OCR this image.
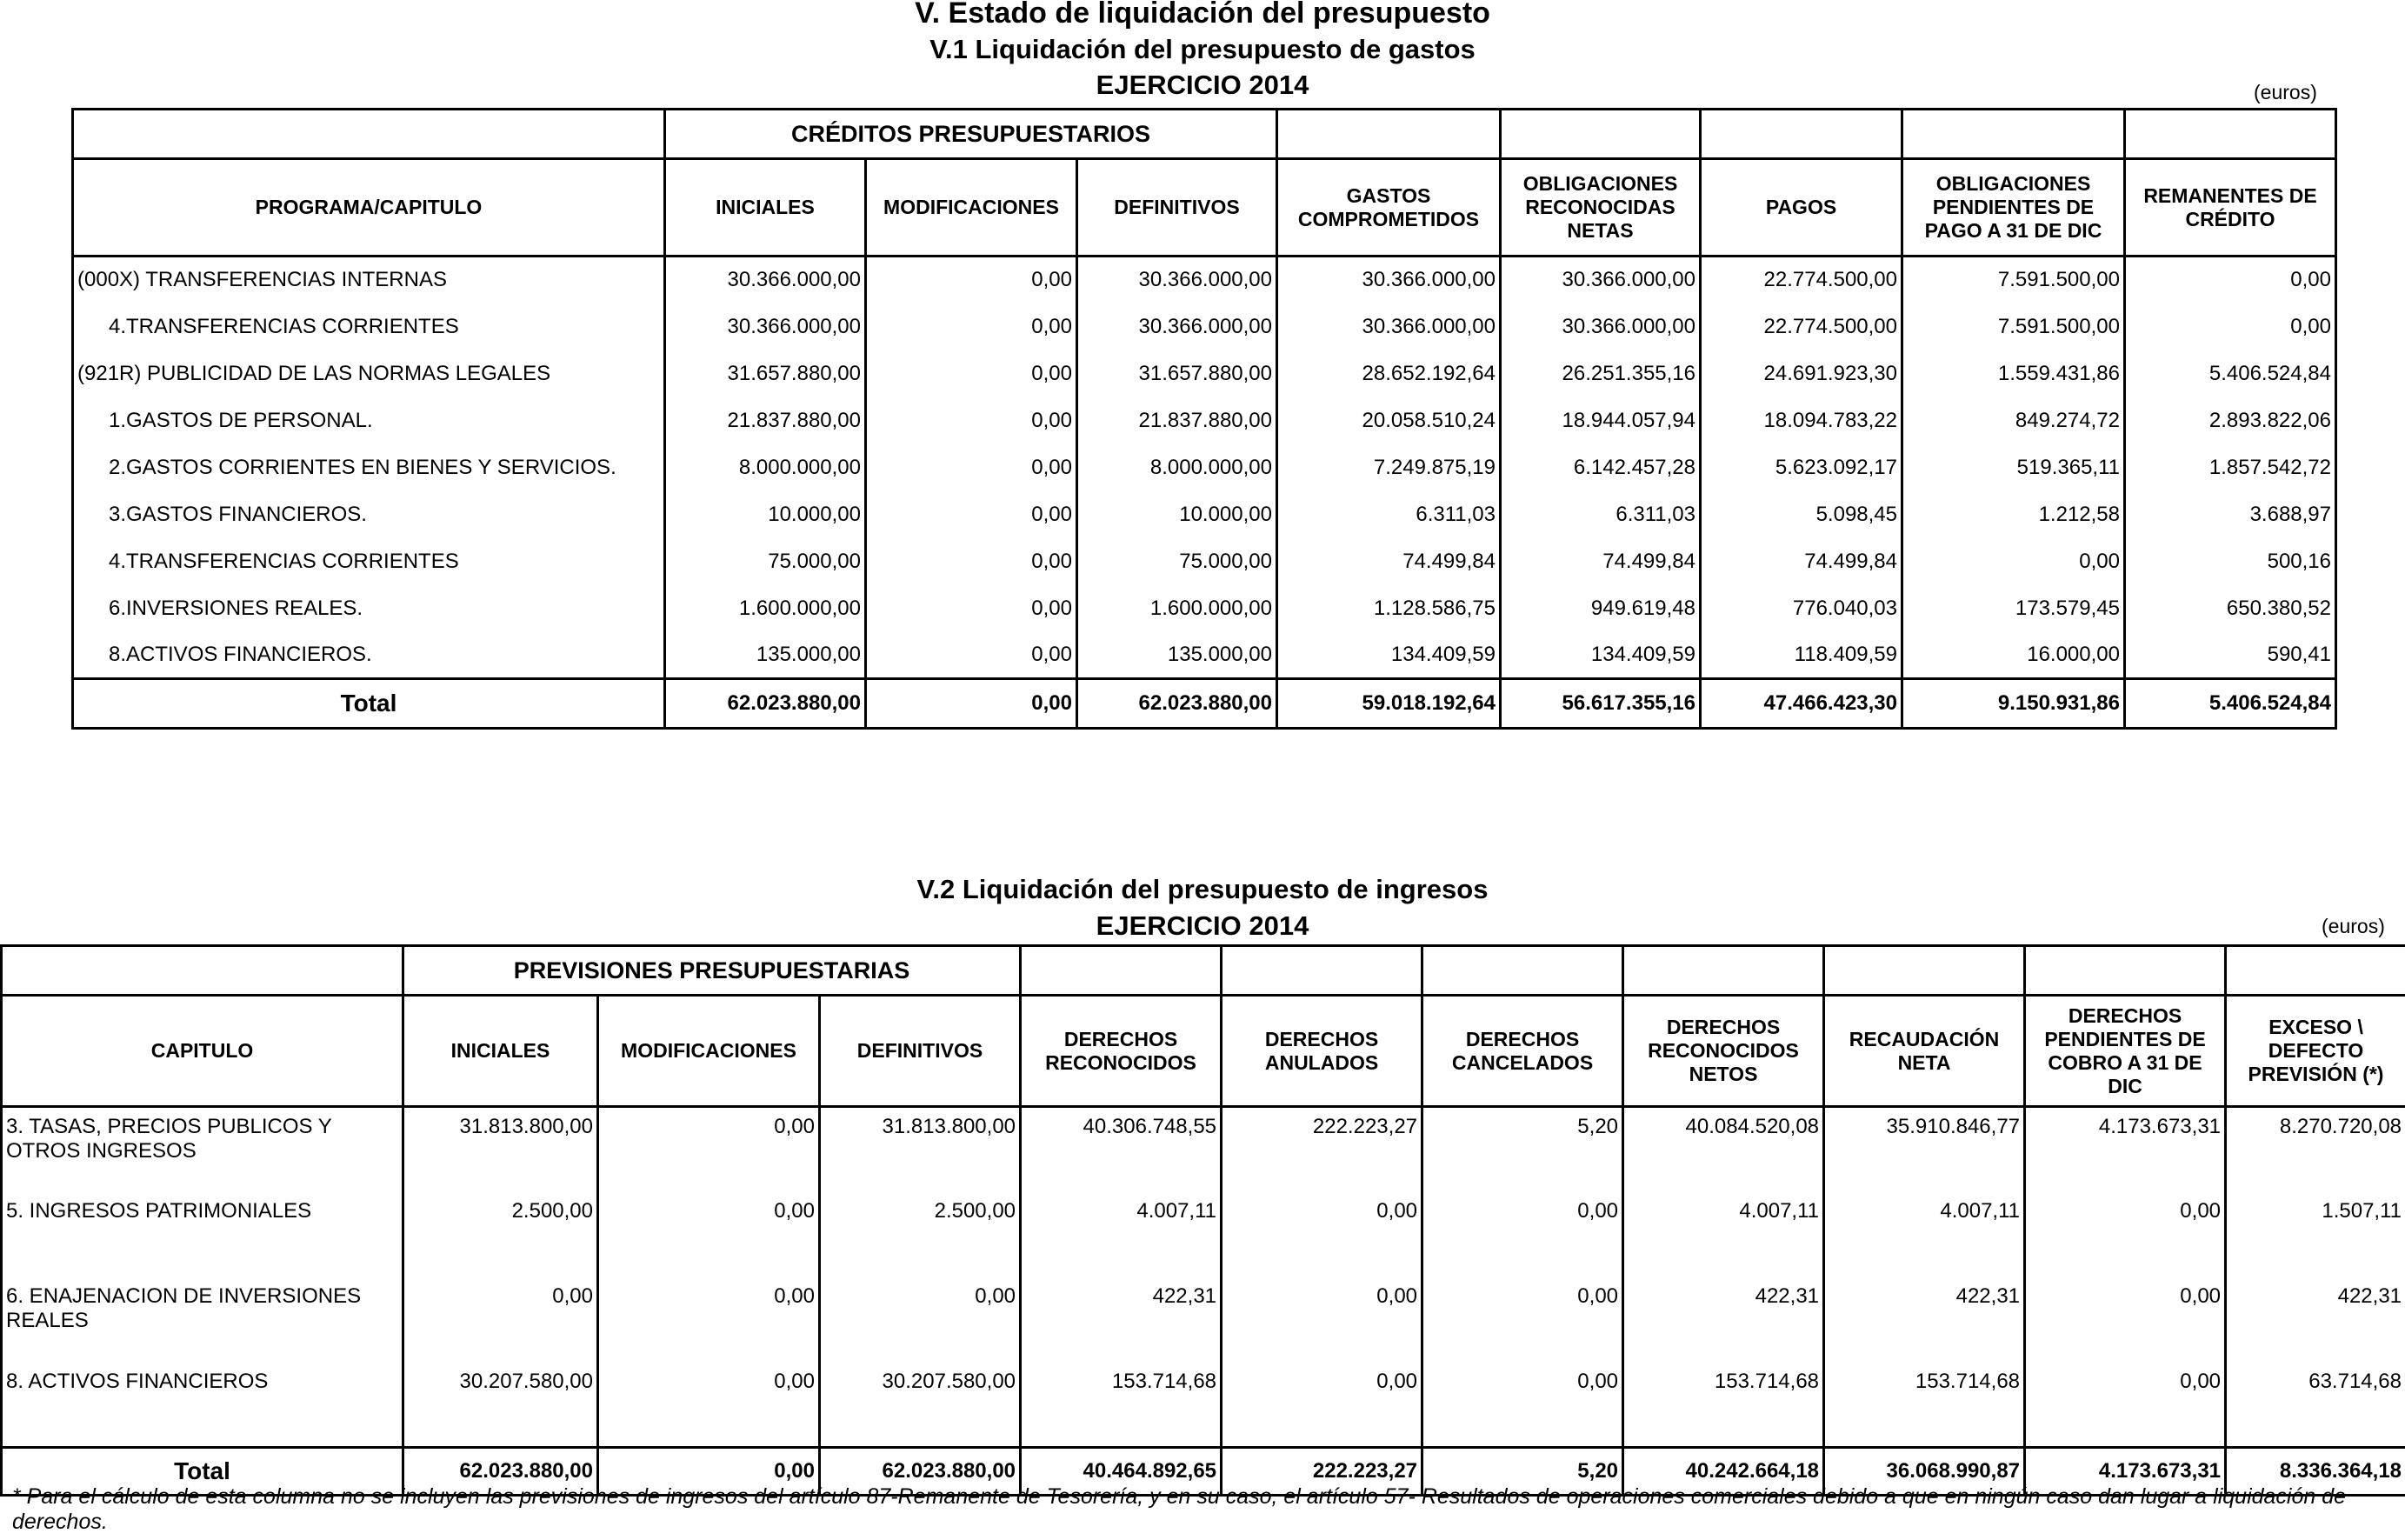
V. Estado de liquidación del presupuesto
V.1 Liquidación del presupuesto de gastos
EJERCICIO 2014	(euros)
	CRÉDITOS PRESUPUESTARIOS							
PROGRAMA/CAPITULO	INICIALES	MODIFICACIONES	DEFINITIVOS	GASTOS COMPROMETIDOS	OBLIGACIONES RECONOCIDAS NETAS	PAGOS	OBLIGACIONES PENDIENTES DE PAGO A 31 DE DIC	REMANENTES DE CRÉDITO
(000X) TRANSFERENCIAS INTERNAS	30.366.000,00	0,00	30.366.000,00	30.366.000,00	30.366.000,00	22.774.500,00	7.591.500,00	0,00
4.TRANSFERENCIAS CORRIENTES	30.366.000,00	0,00	30.366.000,00	30.366.000,00	30.366.000,00	22.774.500,00	7.591.500,00	0,00
(921R) PUBLICIDAD DE LAS NORMAS LEGALES	31.657.880,00	0,00	31.657.880,00	28.652.192,64	26.251.355,16	24.691.923,30	1.559.431,86	5.406.524,84
1.GASTOS DE PERSONAL.	21.837.880,00	0,00	21.837.880,00	20.058.510,24	18.944.057,94	18.094.783,22	849.274,72	2.893.822,06
2.GASTOS CORRIENTES EN BIENES Y SERVICIOS.	8.000.000,00	0,00	8.000.000,00	7.249.875,19	6.142.457,28	5.623.092,17	519.365,11	1.857.542,72
3.GASTOS FINANCIEROS.	10.000,00	0,00	10.000,00	6.311,03	6.311,03	5.098,45	1.212,58	3.688,97
4.TRANSFERENCIAS CORRIENTES	75.000,00	0,00	75.000,00	74.499,84	74.499,84	74.499,84	0,00	500,16
6.INVERSIONES REALES.	1.600.000,00	0,00	1.600.000,00	1.128.586,75	949.619,48	776.040,03	173.579,45	650.380,52
8.ACTIVOS FINANCIEROS.	135.000,00	0,00	135.000,00	134.409,59	134.409,59	118.409,59	16.000,00	590,41
Total	62.023.880,00	0,00	62.023.880,00	59.018.192,64	56.617.355,16	47.466.423,30	9.150.931,86	5.406.524,84
V.2 Liquidación del presupuesto de ingresos
EJERCICIO 2014	(euros)
	PREVISIONES PRESUPUESTARIAS									
CAPITULO	INICIALES	MODIFICACIONES	DEFINITIVOS	DERECHOS RECONOCIDOS	DERECHOS ANULADOS	DERECHOS CANCELADOS	DERECHOS RECONOCIDOS NETOS	RECAUDACIÓN NETA	DERECHOS PENDIENTES DE COBRO A 31 DE DIC	EXCESO \ DEFECTO PREVISIÓN (*)
3. TASAS, PRECIOS PUBLICOS Y OTROS INGRESOS	31.813.800,00	0,00	31.813.800,00	40.306.748,55	222.223,27	5,20	40.084.520,08	35.910.846,77	4.173.673,31	8.270.720,08
5. INGRESOS PATRIMONIALES	2.500,00	0,00	2.500,00	4.007,11	0,00	0,00	4.007,11	4.007,11	0,00	1.507,11
6. ENAJENACION DE INVERSIONES REALES	0,00	0,00	0,00	422,31	0,00	0,00	422,31	422,31	0,00	422,31
8. ACTIVOS FINANCIEROS	30.207.580,00	0,00	30.207.580,00	153.714,68	0,00	0,00	153.714,68	153.714,68	0,00	63.714,68
Total	62.023.880,00	0,00	62.023.880,00	40.464.892,65	222.223,27	5,20	40.242.664,18	36.068.990,87	4.173.673,31	8.336.364,18
* Para el cálculo de esta columna no se incluyen las previsiones de ingresos del artículo 87-Remanente de Tesorería, y en su caso, el artículo 57- Resultados de operaciones comerciales debido a que en ningún caso dan lugar a liquidación de derechos.
